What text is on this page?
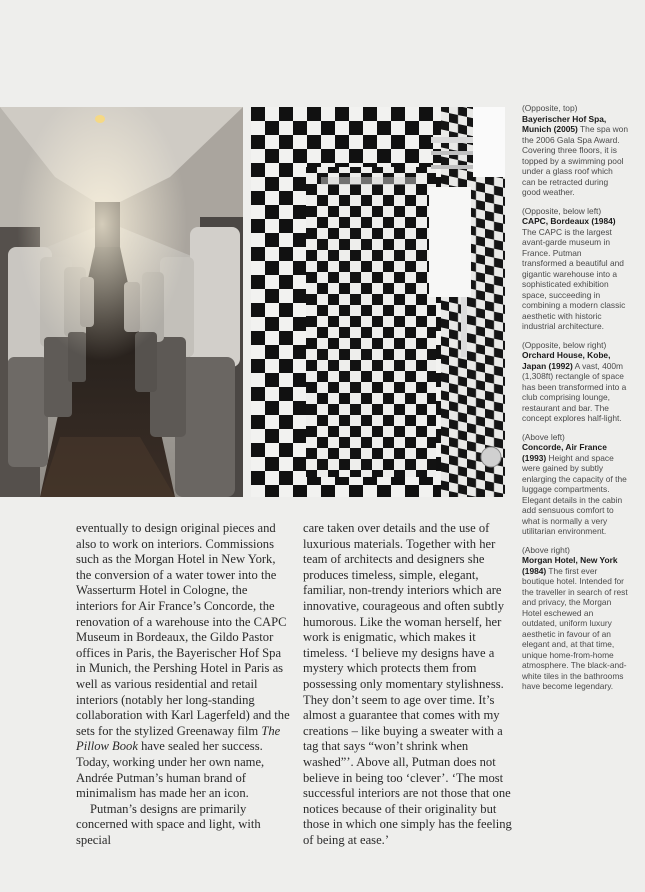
eventually to design original pieces and also to work on interiors. Commissions such as the Morgan Hotel in New York, the conversion of a water tower into the Wasserturm Hotel in Cologne, the interiors for Air France’s Concorde, the renovation of a warehouse into the CAPC Museum in Bordeaux, the Gildo Pastor offices in Paris, the Bayerischer Hof Spa in Munich, the Pershing Hotel in Paris as well as various residential and retail interiors (notably her long-standing collaboration with Karl Lagerfeld) and the sets for the stylized Greenaway film The Pillow Book have sealed her success. Today, working under her own name, Andrée Putman’s human brand of minimalism has made her an icon.

Putman’s designs are primarily concerned with space and light, with special

care taken over details and the use of luxurious materials. Together with her team of architects and designers she produces timeless, simple, elegant, familiar, non-trendy interiors which are innovative, courageous and often subtly humorous. Like the woman herself, her work is enigmatic, which makes it timeless. ‘I believe my designs have a mystery which protects them from possessing only momentary stylishness. They don’t seem to age over time. It’s almost a guarantee that comes with my creations – like buying a sweater with a tag that says “won’t shrink when washed”’. Above all, Putman does not believe in being too ‘clever’. ‘The most successful interiors are not those that one notices because of their originality but those in which one simply has the feeling of being at ease.’

(Opposite, top)
Bayerischer Hof Spa, Munich (2005) The spa won the 2006 Gala Spa Award. Covering three floors, it is topped by a swimming pool under a glass roof which can be retracted during good weather.
(Opposite, below left)
CAPC, Bordeaux (1984) The CAPC is the largest avant-garde museum in France. Putman transformed a beautiful and gigantic warehouse into a sophisticated exhibition space, succeeding in combining a modern classic aesthetic with historic industrial architecture.
(Opposite, below right)
Orchard House, Kobe, Japan (1992) A vast, 400m (1,308ft) rectangle of space has been transformed into a club comprising lounge, restaurant and bar. The concept explores half-light.
(Above left)
Concorde, Air France (1993) Height and space were gained by subtly enlarging the capacity of the luggage compartments. Elegant details in the cabin add sensuous comfort to what is normally a very utilitarian environment.
(Above right)
Morgan Hotel, New York (1984) The first ever boutique hotel. Intended for the traveller in search of rest and privacy, the Morgan Hotel eschewed an outdated, uniform luxury aesthetic in favour of an elegant and, at that time, unique home-from-home atmosphere. The black-and-white tiles in the bathrooms have become legendary.
